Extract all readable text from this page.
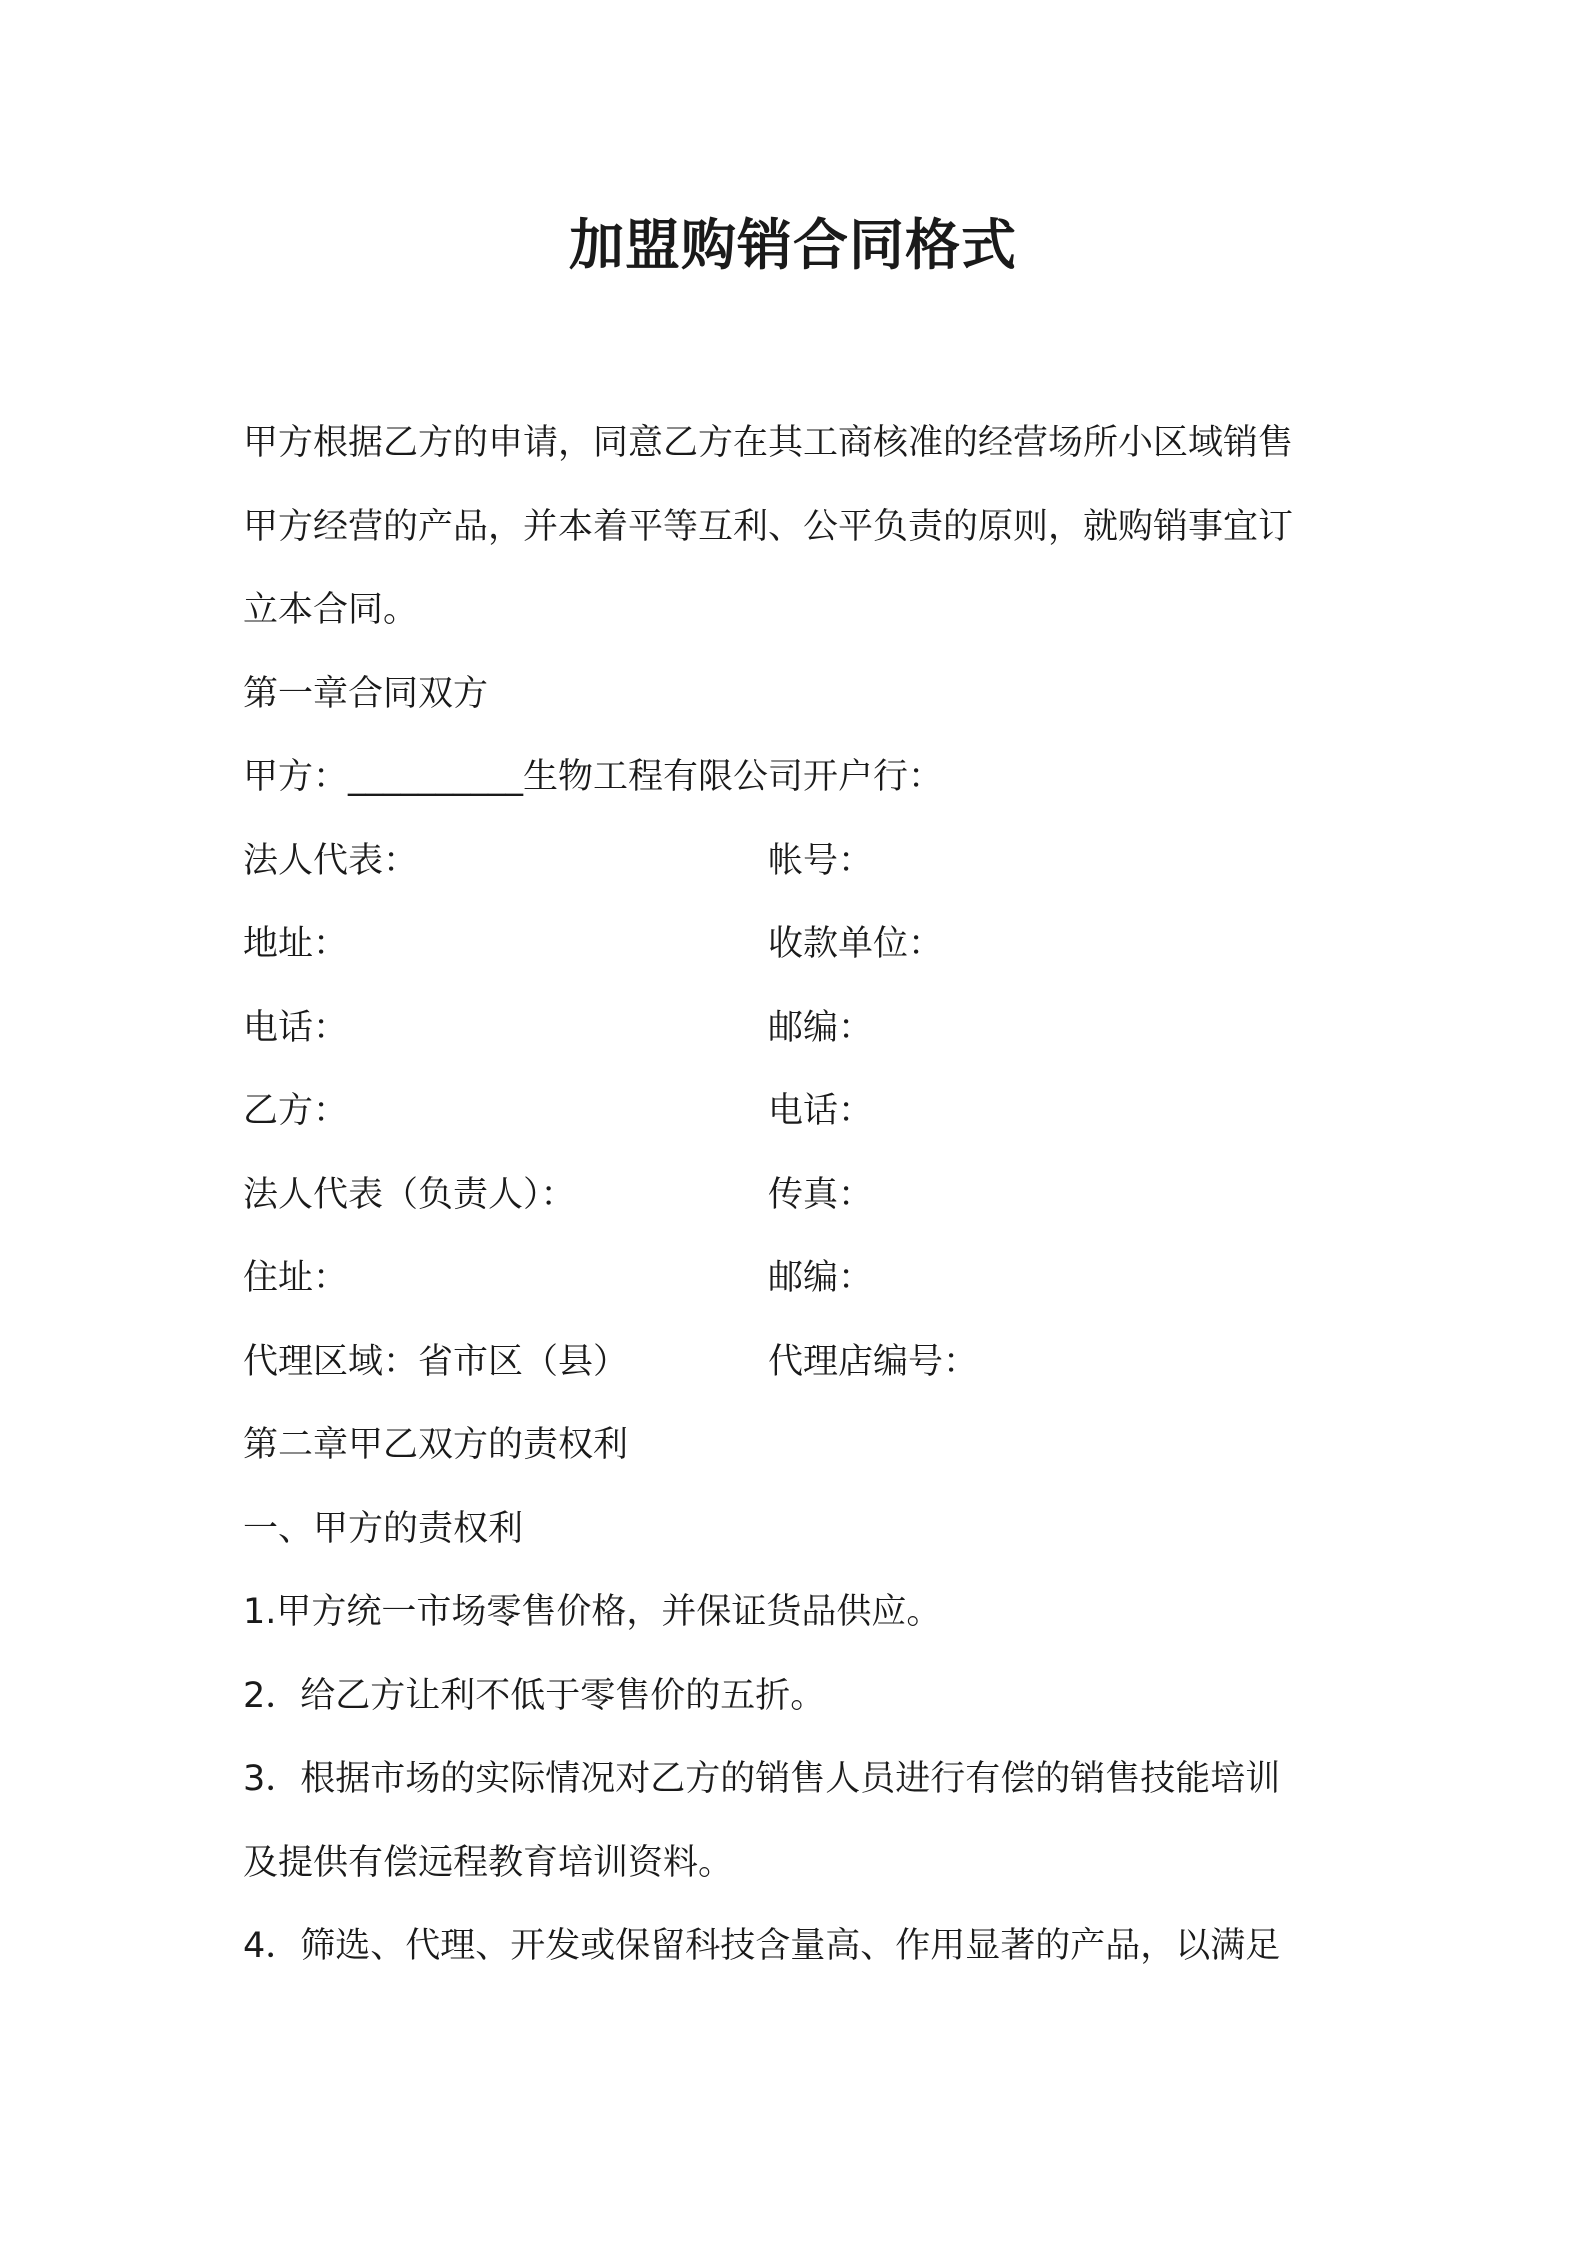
加盟购销合同格式

甲方根据乙方的申请，同意乙方在其工商核准的经营场所小区域销售

甲方经营的产品，并本着平等互利、公平负责的原则，就购销事宜订

立本合同。

第一章合同双方

甲方：__________生物工程有限公司开户行：

法人代表：	帐号：
地址：	收款单位：
电话：	邮编：
乙方：	电话：
法人代表（负责人）：	传真：
住址：	邮编：
代理区域：省市区（县）	代理店编号：

第二章甲乙双方的责权利

一、甲方的责权利

1.甲方统一市场零售价格，并保证货品供应。

2．给乙方让利不低于零售价的五折。

3．根据市场的实际情况对乙方的销售人员进行有偿的销售技能培训

及提供有偿远程教育培训资料。

4．筛选、代理、开发或保留科技含量高、作用显著的产品，以满足
